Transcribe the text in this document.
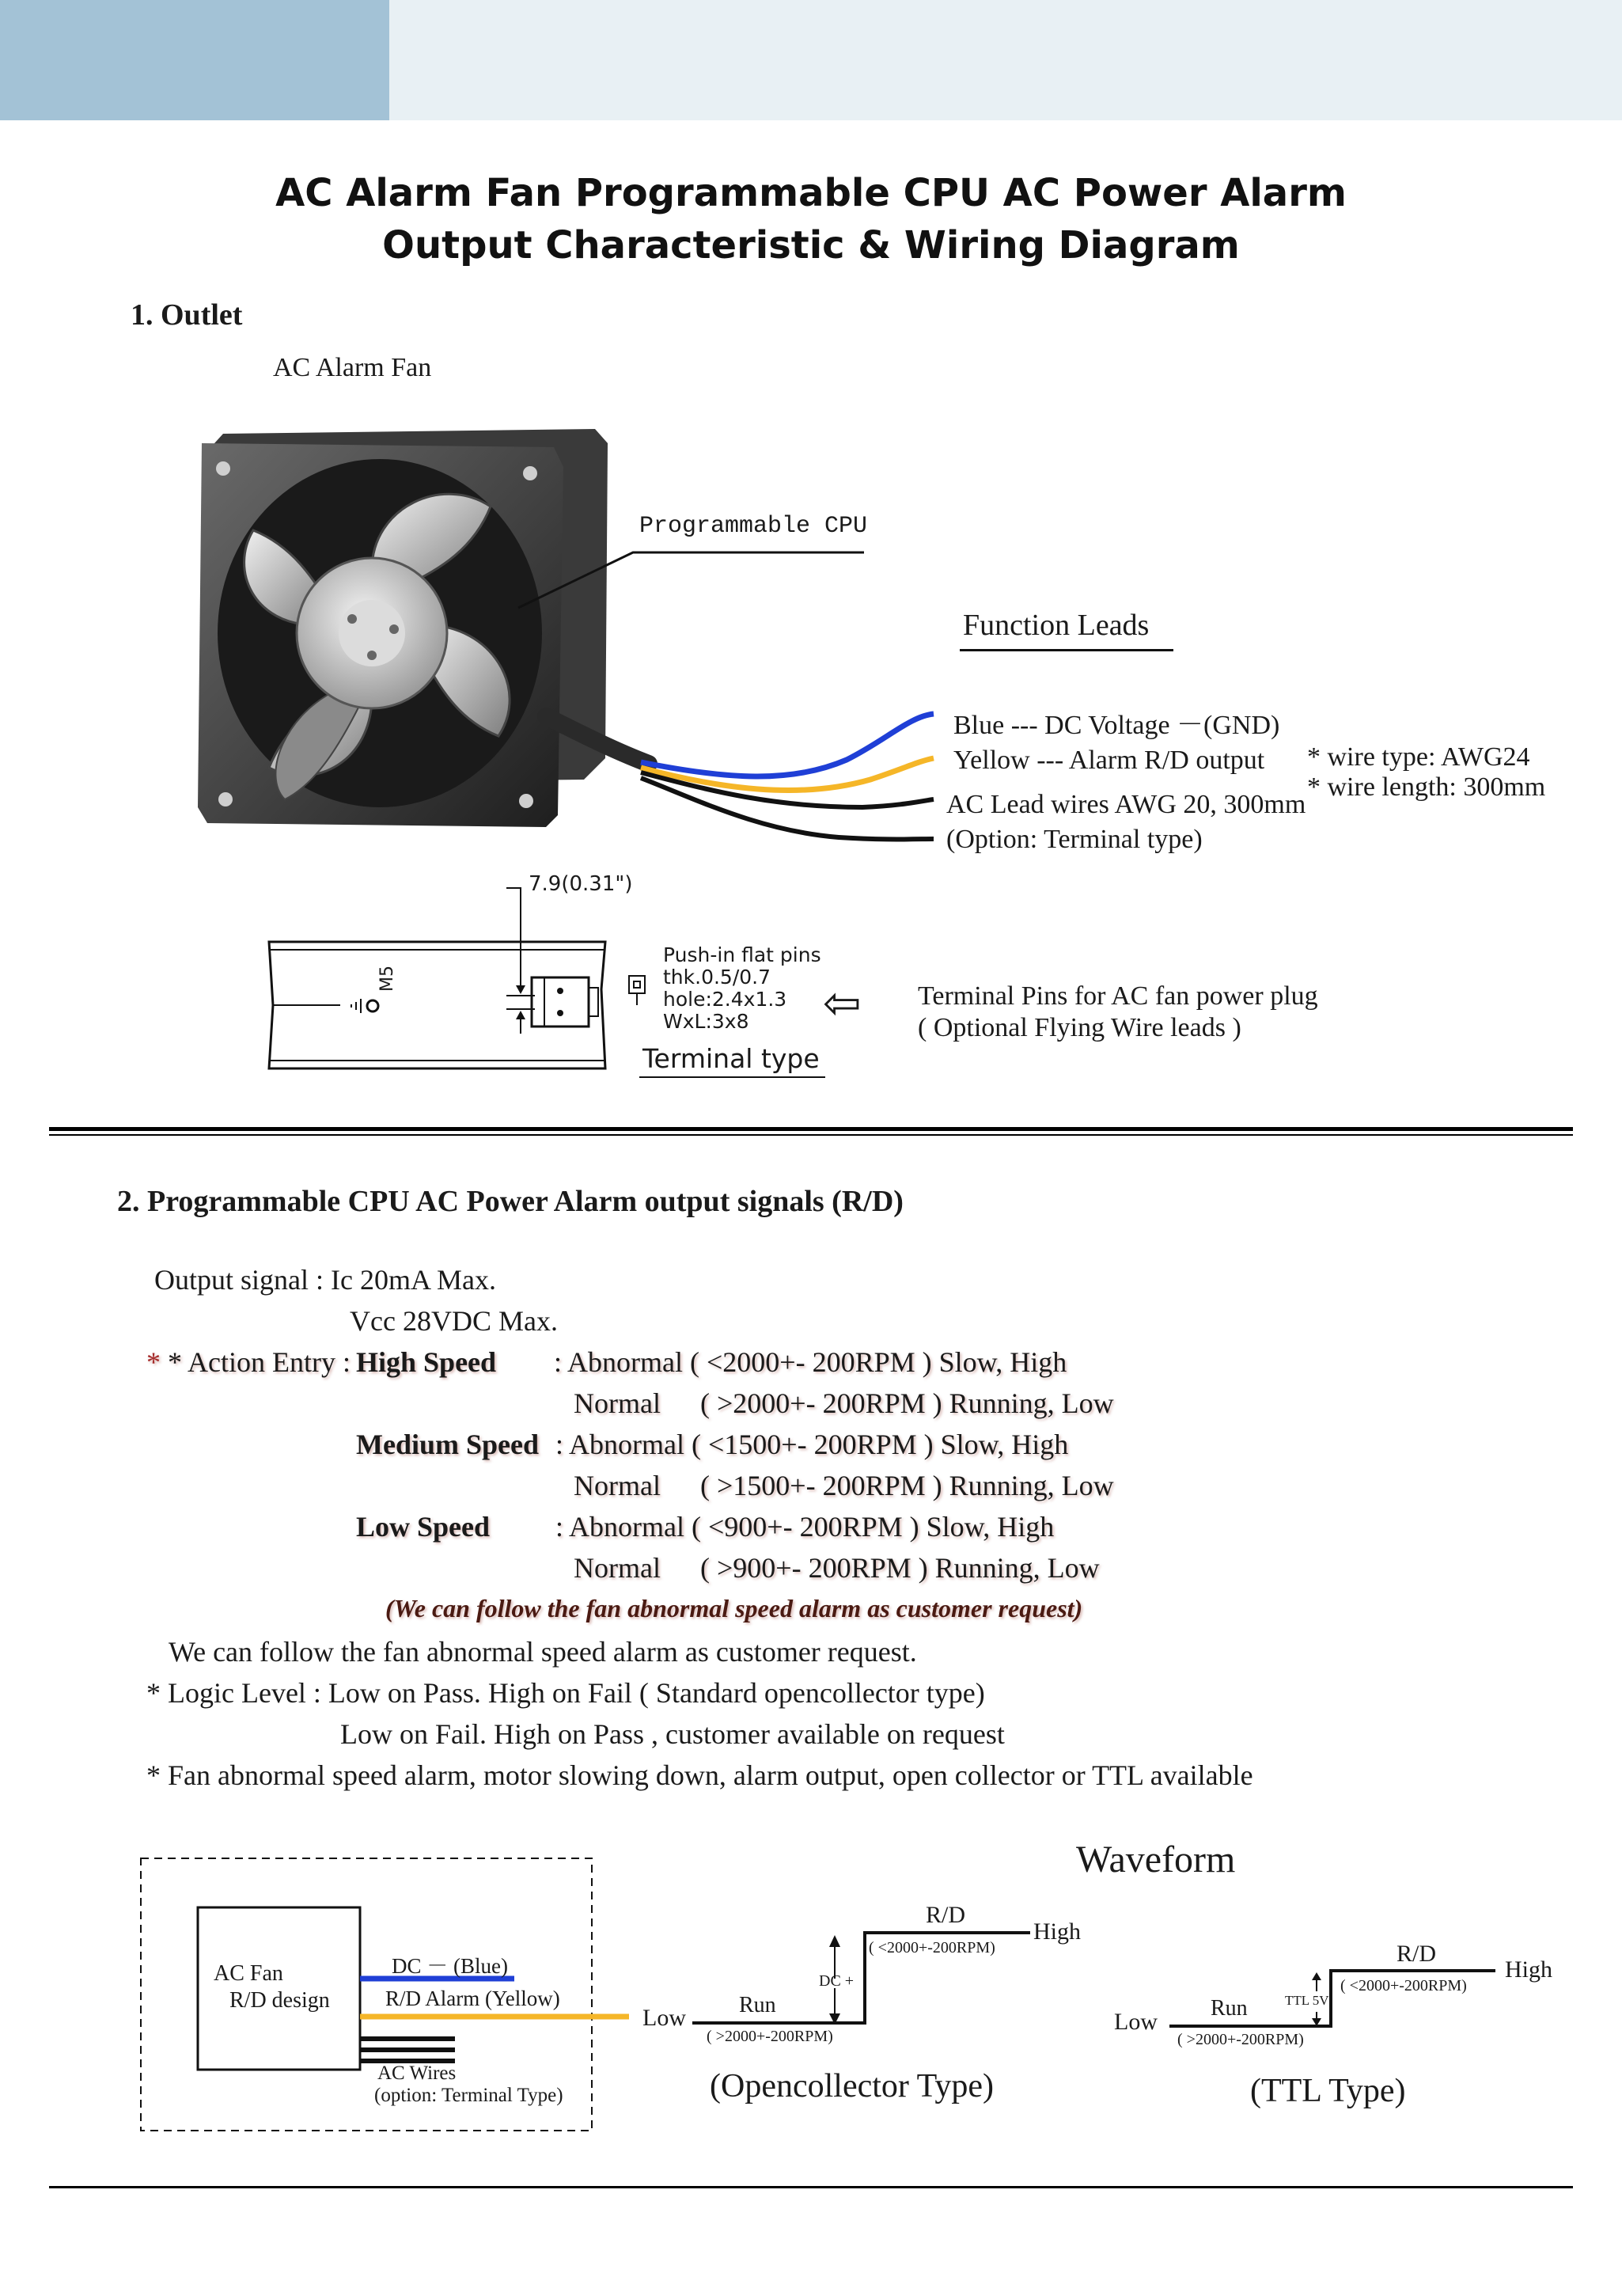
AC Alarm Fan Programmable CPU AC Power Alarm
Output Characteristic & Wiring Diagram
1. Outlet
AC Alarm Fan
Programmable CPU
Function Leads
Blue --- DC Voltage －(GND)
Yellow --- Alarm R/D output
AC Lead wires AWG 20, 300mm
(Option: Terminal type)
* wire type: AWG24
* wire length: 300mm
7.9(0.31")
M5
Push-in flat pins
thk.0.5/0.7
hole:2.4x1.3
WxL:3x8
Terminal type
⇦ Terminal Pins for AC fan power plug
( Optional Flying Wire leads )
2. Programmable CPU AC Power Alarm output signals (R/D)
Output signal : Ic 20mA Max.
Vcc 28VDC Max.
* * Action Entry : High Speed : Abnormal ( <2000+- 200RPM ) Slow, High
Normal ( >2000+- 200RPM ) Running, Low
Medium Speed : Abnormal ( <1500+- 200RPM ) Slow, High
Normal ( >1500+- 200RPM ) Running, Low
Low Speed : Abnormal ( <900+- 200RPM ) Slow, High
Normal ( >900+- 200RPM ) Running, Low
(We can follow the fan abnormal speed alarm as customer request)
We can follow the fan abnormal speed alarm as customer request.
* Logic Level : Low on Pass. High on Fail ( Standard opencollector type)
Low on Fail. High on Pass , customer available on request
* Fan abnormal speed alarm, motor slowing down, alarm output, open collector or TTL available
AC Fan
R/D design
DC － (Blue)
R/D Alarm (Yellow)
AC Wires
(option: Terminal Type)
Waveform
R/D
High
( <2000+-200RPM)
DC +
Low Run
( >2000+-200RPM)
(Opencollector Type)
R/D
High
( <2000+-200RPM)
TTL 5V
Low
Run
( >2000+-200RPM)
(TTL Type)
